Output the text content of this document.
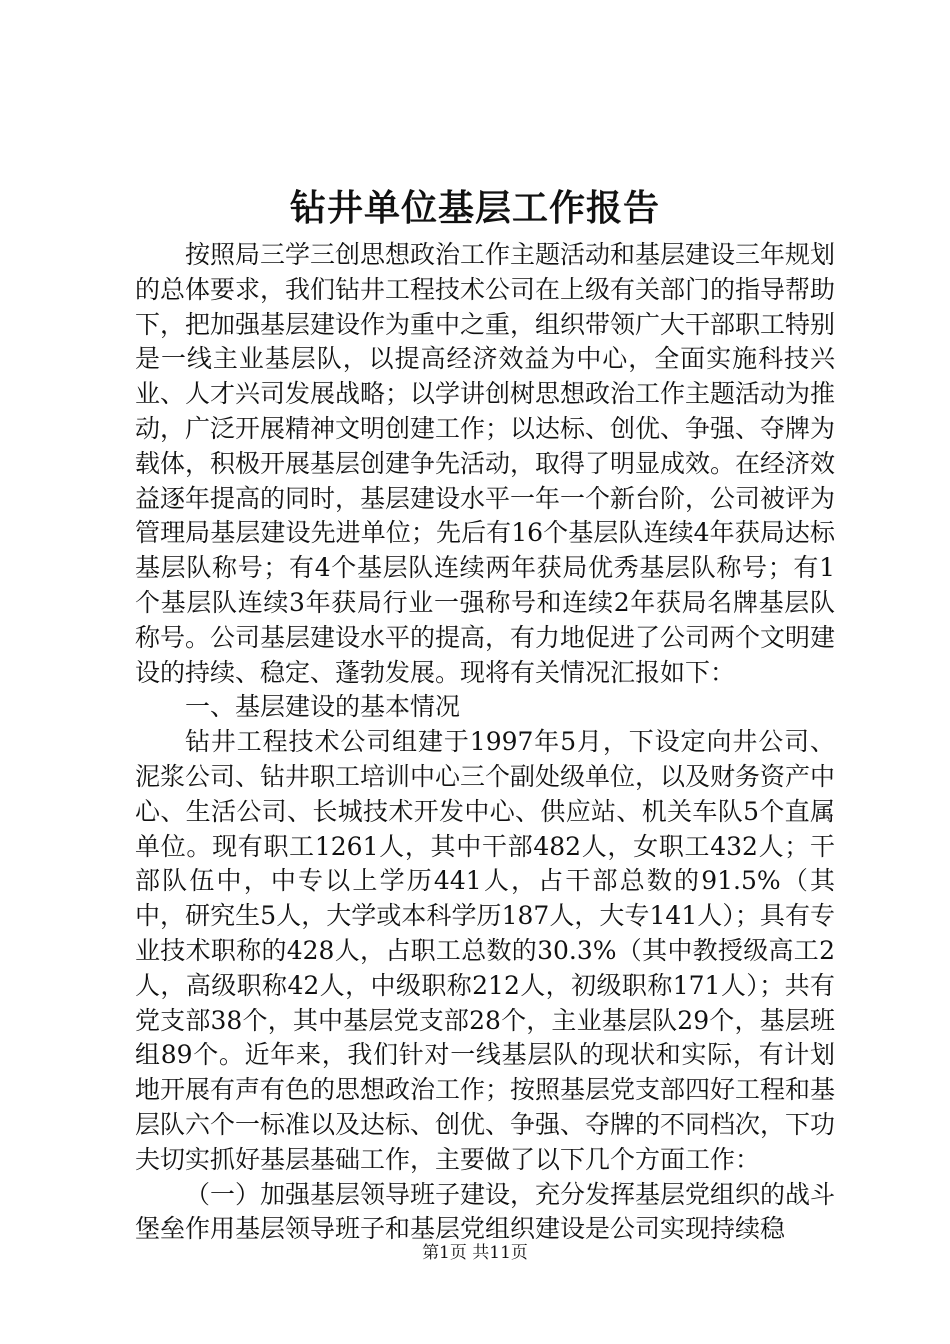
钻井单位基层工作报告

按照局三学三创思想政治工作主题活动和基层建设三年规划的总体要求，我们钻井工程技术公司在上级有关部门的指导帮助下，把加强基层建设作为重中之重，组织带领广大干部职工特别是一线主业基层队，以提高经济效益为中心，全面实施科技兴业、人才兴司发展战略；以学讲创树思想政治工作主题活动为推动，广泛开展精神文明创建工作；以达标、创优、争强、夺牌为载体，积极开展基层创建争先活动，取得了明显成效。在经济效益逐年提高的同时，基层建设水平一年一个新台阶，公司被评为管理局基层建设先进单位；先后有16个基层队连续4年获局达标基层队称号；有4个基层队连续两年获局优秀基层队称号；有1个基层队连续3年获局行业一强称号和连续2年获局名牌基层队称号。公司基层建设水平的提高，有力地促进了公司两个文明建设的持续、稳定、蓬勃发展。现将有关情况汇报如下：

一、基层建设的基本情况

钻井工程技术公司组建于1997年5月，下设定向井公司、泥浆公司、钻井职工培训中心三个副处级单位，以及财务资产中心、生活公司、长城技术开发中心、供应站、机关车队5个直属单位。现有职工1261人，其中干部482人，女职工432人；干部队伍中，中专以上学历441人，占干部总数的91.5%（其中，研究生5人，大学或本科学历187人，大专141人）；具有专业技术职称的428人，占职工总数的30.3%（其中教授级高工2人，高级职称42人，中级职称212人，初级职称171人）；共有党支部38个，其中基层党支部28个，主业基层队29个，基层班组89个。近年来，我们针对一线基层队的现状和实际，有计划地开展有声有色的思想政治工作；按照基层党支部四好工程和基层队六个一标准以及达标、创优、争强、夺牌的不同档次，下功夫切实抓好基层基础工作，主要做了以下几个方面工作：

（一）加强基层领导班子建设，充分发挥基层党组织的战斗堡垒作用基层领导班子和基层党组织建设是公司实现持续稳

第1页 共11页
